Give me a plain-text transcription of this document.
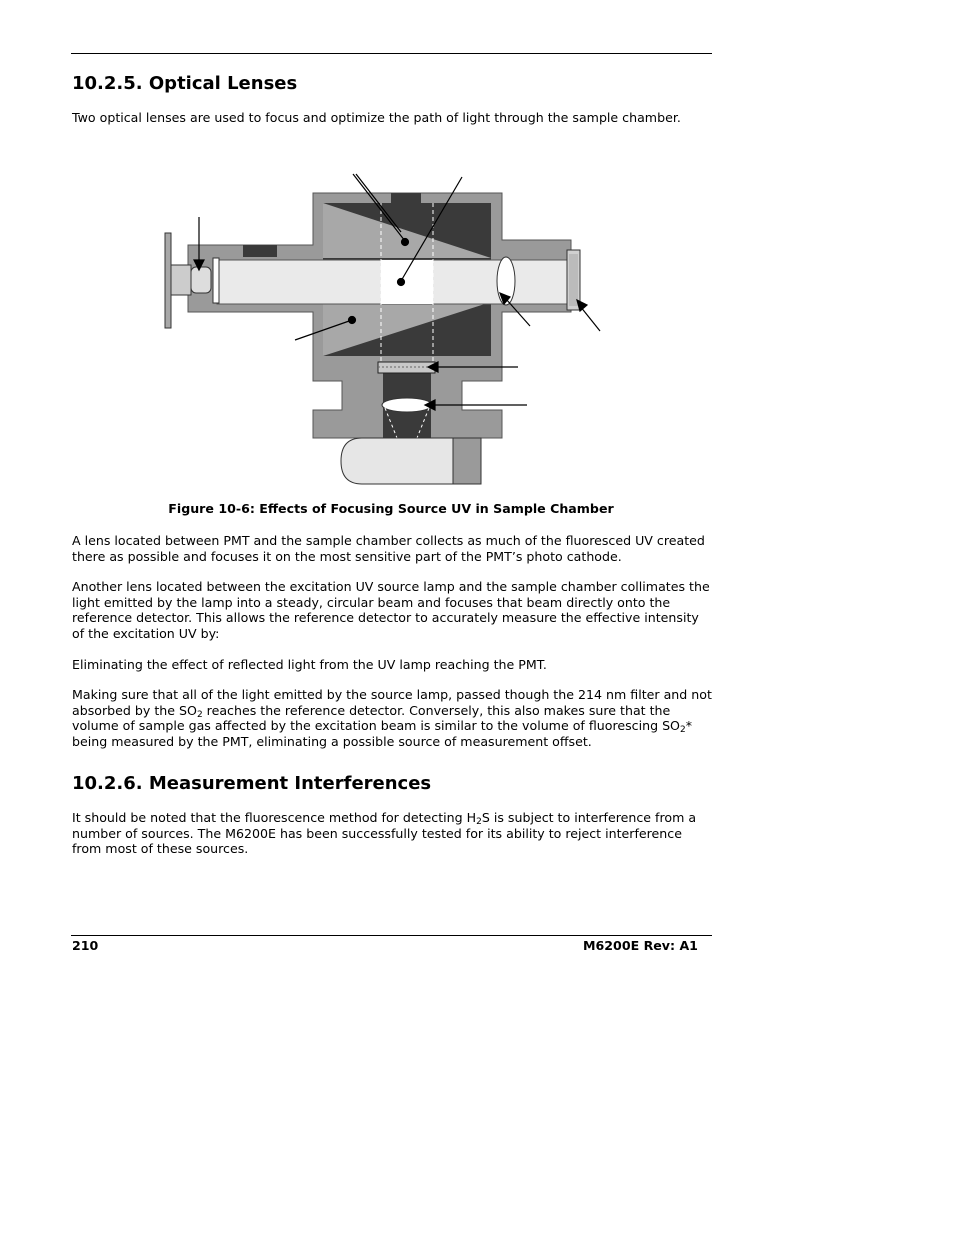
10.2.5. Optical Lenses

Two optical lenses are used to focus and optimize the path of light through the sample chamber.

Figure 10-6: Effects of Focusing Source UV in Sample Chamber

A lens located between PMT and the sample chamber collects as much of the fluoresced UV created there as possible and focuses it on the most sensitive part of the PMT’s photo cathode.

Another lens located between the excitation UV source lamp and the sample chamber collimates the light emitted by the lamp into a steady, circular beam and focuses that beam directly onto the reference detector. This allows the reference detector to accurately measure the effective intensity of the excitation UV by:

Eliminating the effect of reflected light from the UV lamp reaching the PMT.

Making sure that all of the light emitted by the source lamp, passed though the 214 nm filter and not absorbed by the $SO_2$ reaches the reference detector. Conversely, this also makes sure that the volume of sample gas affected by the excitation beam is similar to the volume of fluorescing $SO_2*$ being measured by the PMT, eliminating a possible source of measurement offset.

10.2.6. Measurement Interferences

It should be noted that the fluorescence method for detecting $H_2S$ is subject to interference from a number of sources. The M6200E has been successfully tested for its ability to reject interference from most of these sources.

210	M6200E Rev: A1
